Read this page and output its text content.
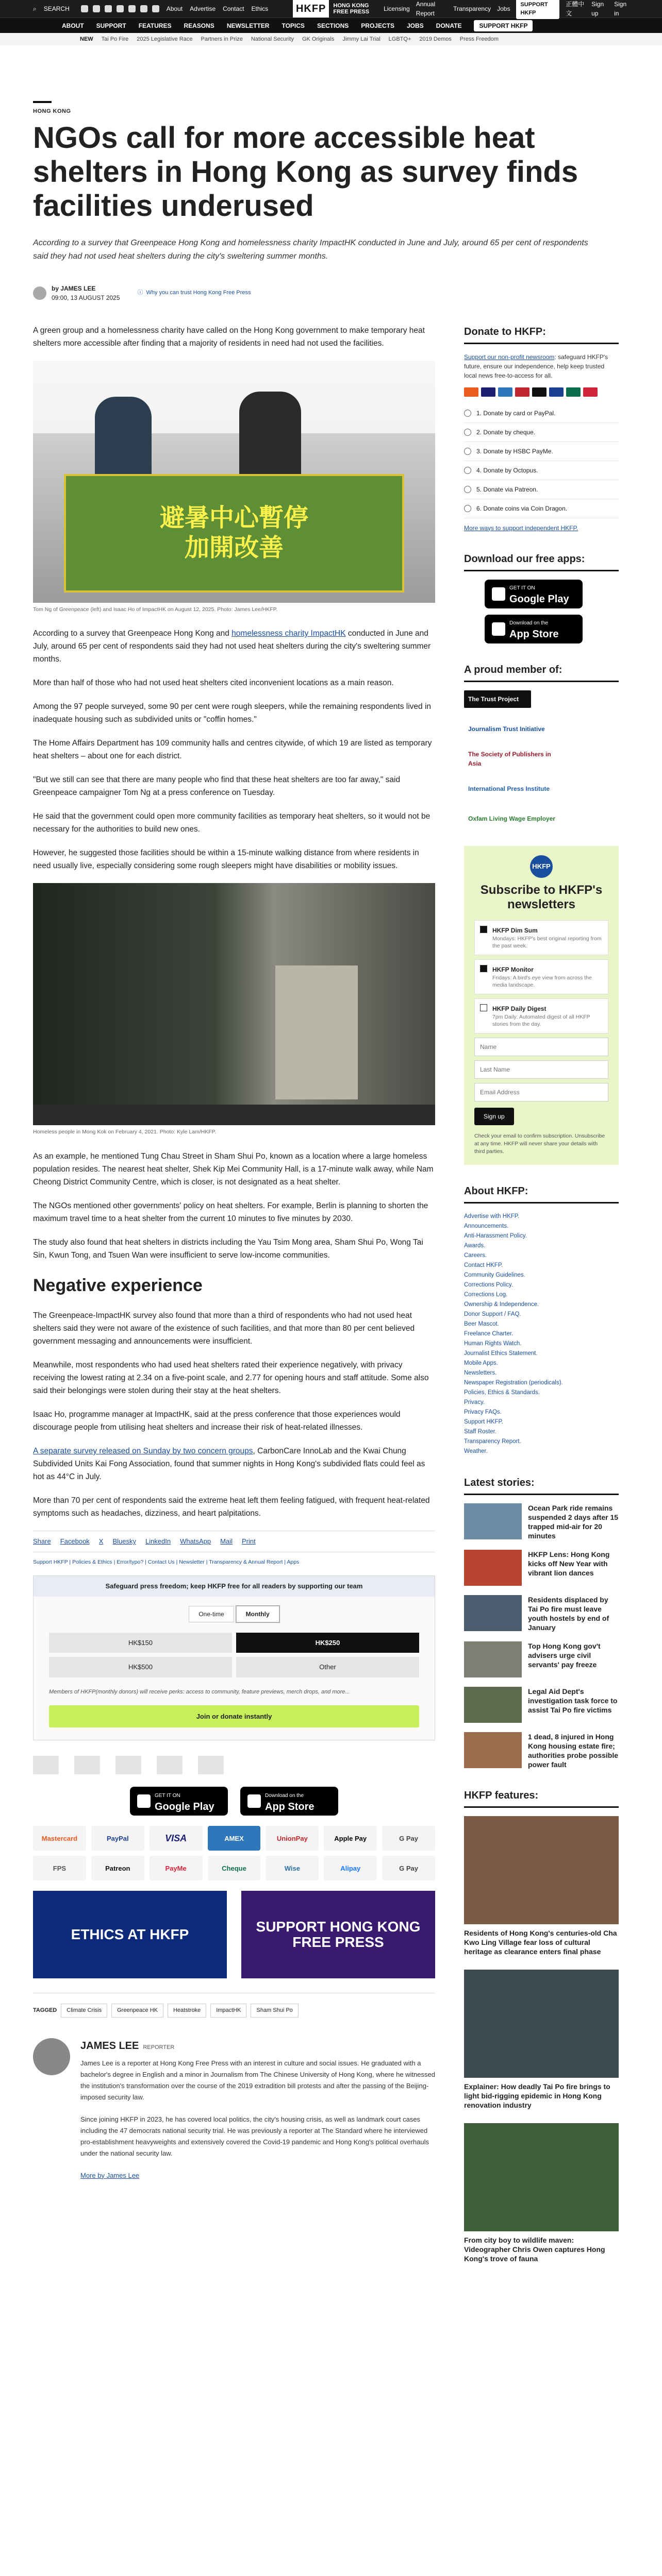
⌕ SEARCH	About Advertise Contact Ethics	HKFP	HONG KONG
FREE PRESS Licensing
Annual Report
Transparency Jobs
SUPPORT HKFP
正體中文
Sign up
Sign in
ABOUT SUPPORT FEATURES REASONS NEWSLETTER TOPICS SECTIONS PROJECTS JOBS DONATE	SUPPORT HKFP
NEW Tai Po Fire 2025 Legislative Race Partners in Prize National Security GK Originals Jimmy Lai Trial LGBTQ+ 2019 Demos Press Freedom
HONG KONG
NGOs call for more accessible heat shelters in Hong Kong as survey finds facilities underused

According to a survey that Greenpeace Hong Kong and homelessness charity ImpactHK conducted in June and July, around 65 per cent of respondents said they had not used heat shelters during the city's sweltering summer months.

by JAMES LEE
09:00, 13 AUGUST 2025
ⓘ Why you can trust Hong Kong Free Press

A green group and a homelessness charity have called on the Hong Kong government to make temporary heat shelters more accessible after finding that a majority of residents in need had not used the facilities.

避暑中心暫停
加開改善
Tom Ng of Greenpeace (left) and Isaac Ho of ImpactHK on August 12, 2025. Photo: James Lee/HKFP.

According to a survey that Greenpeace Hong Kong and homelessness charity ImpactHK conducted in June and July, around 65 per cent of respondents said they had not used heat shelters during the city's sweltering summer months.

More than half of those who had not used heat shelters cited inconvenient locations as a main reason.

Among the 97 people surveyed, some 90 per cent were rough sleepers, while the remaining respondents lived in inadequate housing such as subdivided units or "coffin homes."

The Home Affairs Department has 109 community halls and centres citywide, of which 19 are listed as temporary heat shelters – about one for each district.

"But we still can see that there are many people who find that these heat shelters are too far away," said Greenpeace campaigner Tom Ng at a press conference on Tuesday.

He said that the government could open more community facilities as temporary heat shelters, so it would not be necessary for the authorities to build new ones.

However, he suggested those facilities should be within a 15-minute walking distance from where residents in need usually live, especially considering some rough sleepers might have disabilities or mobility issues.

Homeless people in Mong Kok on February 4, 2021. Photo: Kyle Lam/HKFP.

As an example, he mentioned Tung Chau Street in Sham Shui Po, known as a location where a large homeless population resides. The nearest heat shelter, Shek Kip Mei Community Hall, is a 17-minute walk away, while Nam Cheong District Community Centre, which is closer, is not designated as a heat shelter.

The NGOs mentioned other governments' policy on heat shelters. For example, Berlin is planning to shorten the maximum travel time to a heat shelter from the current 10 minutes to five minutes by 2030.

The study also found that heat shelters in districts including the Yau Tsim Mong area, Sham Shui Po, Wong Tai Sin, Kwun Tong, and Tsuen Wan were insufficient to serve low-income communities.

Negative experience

The Greenpeace-ImpactHK survey also found that more than a third of respondents who had not used heat shelters said they were not aware of the existence of such facilities, and that more than 80 per cent believed government messaging and announcements were insufficient.

Meanwhile, most respondents who had used heat shelters rated their experience negatively, with privacy receiving the lowest rating at 2.34 on a five-point scale, and 2.77 for opening hours and staff attitude. Some also said their belongings were stolen during their stay at the heat shelters.

Isaac Ho, programme manager at ImpactHK, said at the press conference that those experiences would discourage people from utilising heat shelters and increase their risk of heat-related illnesses.

A separate survey released on Sunday by two concern groups, CarbonCare InnoLab and the Kwai Chung Subdivided Units Kai Fong Association, found that summer nights in Hong Kong's subdivided flats could feel as hot as 44°C in July.

More than 70 per cent of respondents said the extreme heat left them feeling fatigued, with frequent heat-related symptoms such as headaches, dizziness, and heart palpitations.

Share Facebook X Bluesky LinkedIn WhatsApp Mail Print
Support HKFP | Policies & Ethics | Error/typo? | Contact Us | Newsletter | Transparency & Annual Report | Apps
Safeguard press freedom; keep HKFP free for all readers by supporting our team
One-time	Monthly
HK$150	HK$250
HK$500	Other
Members of HKFP(monthly donors) will receive perks: access to community, feature previews, merch drops, and more...
Join or donate instantly
GET IT ON
Google Play
Download on the
App Store
Mastercard	PayPal	VISA	AMEX	UnionPay	Apple Pay	G Pay
FPS	Patreon	PayMe	Cheque	Wise	Alipay	G Pay
ETHICS AT HKFP	SUPPORT HONG KONG FREE PRESS
TAGGED	Climate Crisis	Greenpeace HK	Heatstroke	ImpactHK	Sham Shui Po
JAMES LEE REPORTER

James Lee is a reporter at Hong Kong Free Press with an interest in culture and social issues. He graduated with a bachelor's degree in English and a minor in Journalism from The Chinese University of Hong Kong, where he witnessed the institution's transformation over the course of the 2019 extradition bill protests and after the passing of the Beijing-imposed security law.

Since joining HKFP in 2023, he has covered local politics, the city's housing crisis, as well as landmark court cases including the 47 democrats national security trial. He was previously a reporter at The Standard where he interviewed pro-establishment heavyweights and extensively covered the Covid-19 pandemic and Hong Kong's political overhauls under the national security law.

More by James Lee

Donate to HKFP:

Support our non-profit newsroom: safeguard HKFP's future, ensure our independence, help keep trusted local news free-to-access for all.

1. Donate by card or PayPal.
2. Donate by cheque.
3. Donate by HSBC PayMe.
4. Donate by Octopus.
5. Donate via Patreon.
6. Donate coins via Coin Dragon.

More ways to support independent HKFP.

Download our free apps:
GET IT ON
Google Play

Download on the
App Store
A proud member of:
The Trust Project
Journalism Trust Initiative
The Society of Publishers in Asia
International Press Institute
Oxfam Living Wage Employer
HKFP
Subscribe to HKFP's newsletters
HKFP Dim Sum
Mondays: HKFP's best original reporting from the past week.
HKFP Monitor
Fridays: A bird's eye view from across the media landscape.
HKFP Daily Digest
7pm Daily: Automated digest of all HKFP stories from the day.
Name Last Name Email Address Sign up

Check your email to confirm subscription. Unsubscribe at any time. HKFP will never share your details with third parties.

About HKFP:
Advertise with HKFP.
Announcements.
Anti-Harassment Policy.
Awards.
Careers.
Contact HKFP.
Community Guidelines.
Corrections Policy.
Corrections Log.
Ownership & Independence.
Donor Support / FAQ.
Beer Mascot.
Freelance Charter.
Human Rights Watch.
Journalist Ethics Statement.
Mobile Apps.
Newsletters.
Newspaper Registration (periodicals).
Policies, Ethics & Standards.
Privacy.
Privacy FAQs.
Support HKFP.
Staff Roster.
Transparency Report.
Weather.
Latest stories:
Ocean Park ride remains suspended 2 days after 15 trapped mid-air for 20 minutes
HKFP Lens: Hong Kong kicks off New Year with vibrant lion dances
Residents displaced by Tai Po fire must leave youth hostels by end of January
Top Hong Kong gov't advisers urge civil servants' pay freeze
Legal Aid Dept's investigation task force to assist Tai Po fire victims
1 dead, 8 injured in Hong Kong housing estate fire; authorities probe possible power fault
HKFP features:
Residents of Hong Kong's centuries-old Cha Kwo Ling Village fear loss of cultural heritage as clearance enters final phase
Explainer: How deadly Tai Po fire brings to light bid-rigging epidemic in Hong Kong renovation industry
From city boy to wildlife maven: Videographer Chris Owen captures Hong Kong's trove of fauna
